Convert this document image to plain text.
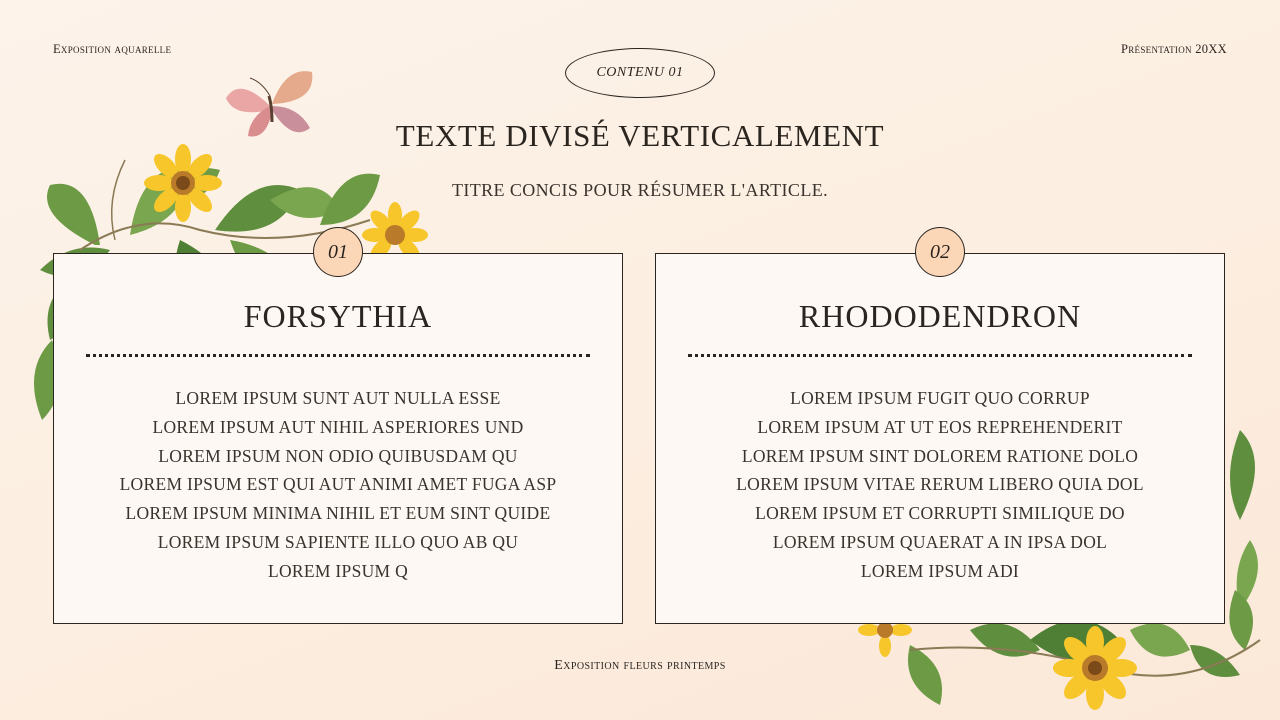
Exposition aquarelle	Présentation 20XX
CONTENU 01
TEXTE DIVISÉ VERTICALEMENT
TITRE CONCIS POUR RÉSUMER L'ARTICLE.
01
FORSYTHIA
LOREM IPSUM SUNT AUT NULLA ESSE
LOREM IPSUM AUT NIHIL ASPERIORES UND
LOREM IPSUM NON ODIO QUIBUSDAM QU
LOREM IPSUM EST QUI AUT ANIMI AMET FUGA ASP
LOREM IPSUM MINIMA NIHIL ET EUM SINT QUIDE
LOREM IPSUM SAPIENTE ILLO QUO AB QU
LOREM IPSUM Q
02
RHODODENDRON
LOREM IPSUM FUGIT QUO CORRUP
LOREM IPSUM AT UT EOS REPREHENDERIT
LOREM IPSUM SINT DOLOREM RATIONE DOLO
LOREM IPSUM VITAE RERUM LIBERO QUIA DOL
LOREM IPSUM ET CORRUPTI SIMILIQUE DO
LOREM IPSUM QUAERAT A IN IPSA DOL
LOREM IPSUM ADI
Exposition fleurs printemps
